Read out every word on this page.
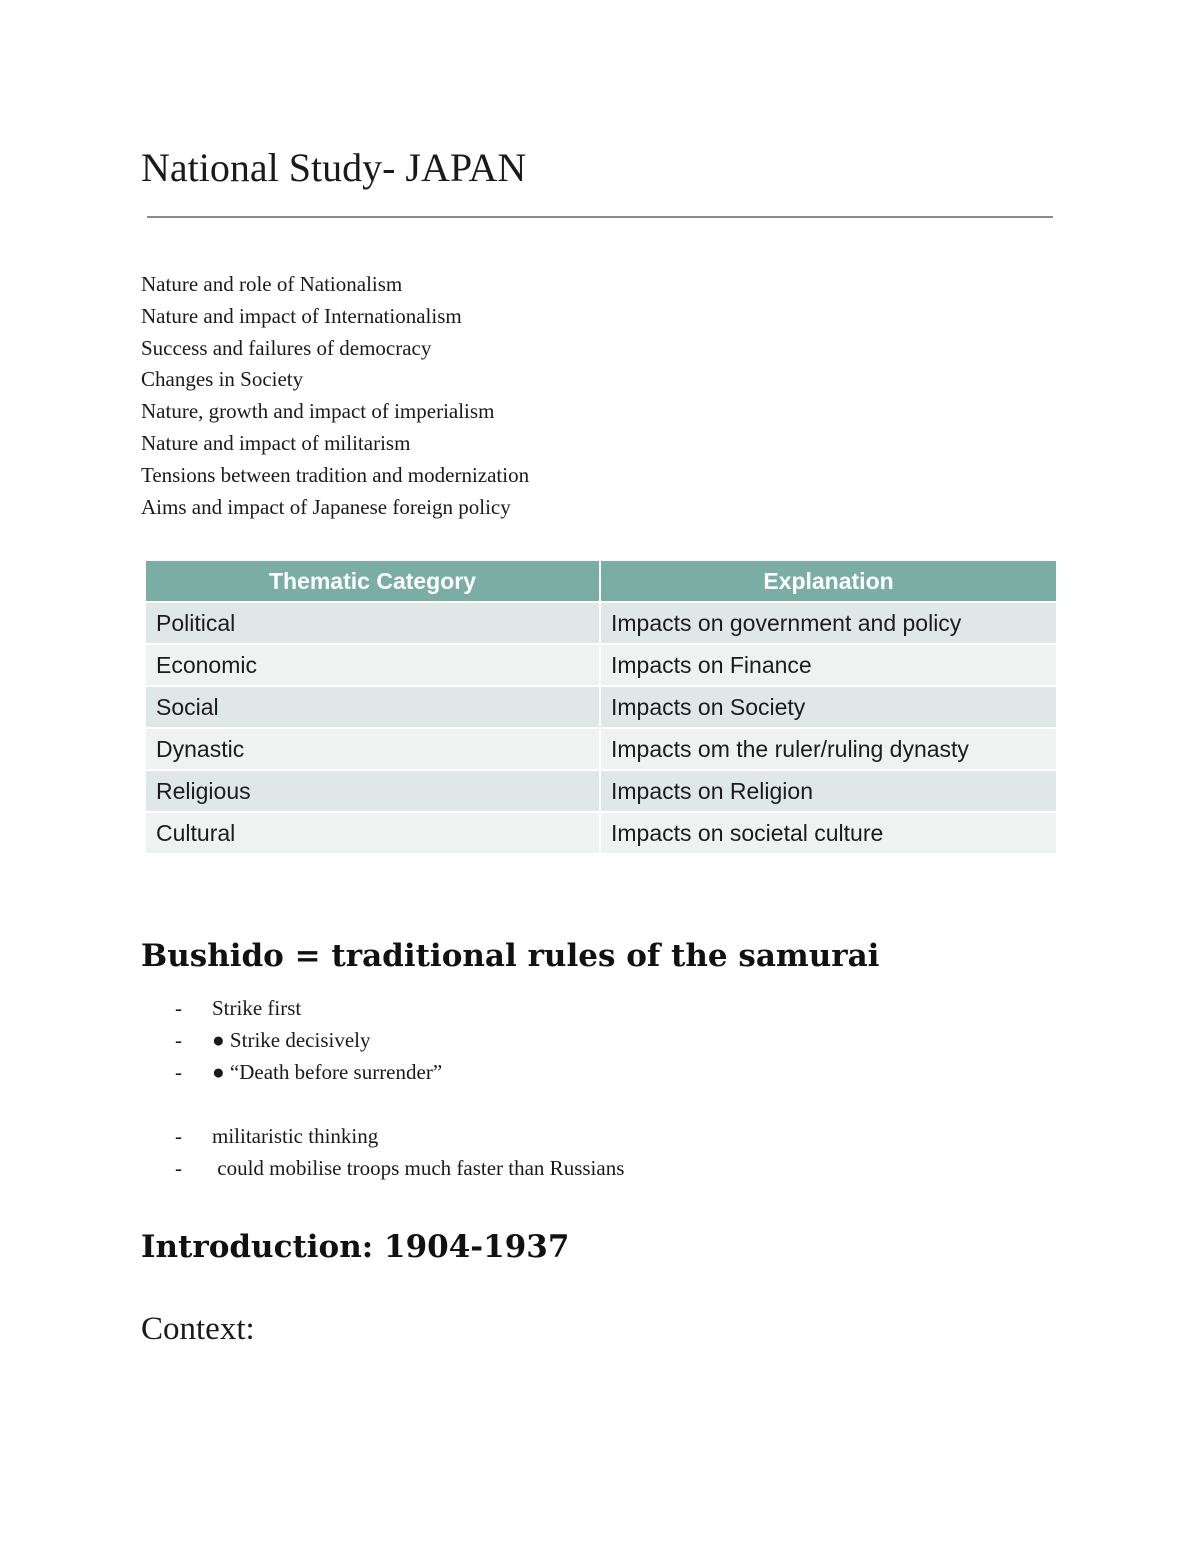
National Study- JAPAN
Nature and role of Nationalism
Nature and impact of Internationalism
Success and failures of democracy
Changes in Society
Nature, growth and impact of imperialism
Nature and impact of militarism
Tensions between tradition and modernization
Aims and impact of Japanese foreign policy
Thematic Category	Explanation
Political	Impacts on government and policy
Economic	Impacts on Finance
Social	Impacts on Society
Dynastic	Impacts om the ruler/ruling dynasty
Religious	Impacts on Religion
Cultural	Impacts on societal culture
Bushido = traditional rules of the samurai
- Strike first
- ● Strike decisively
- ● “Death before surrender”
- militaristic thinking
- could mobilise troops much faster than Russians
Introduction: 1904-1937
Context:
